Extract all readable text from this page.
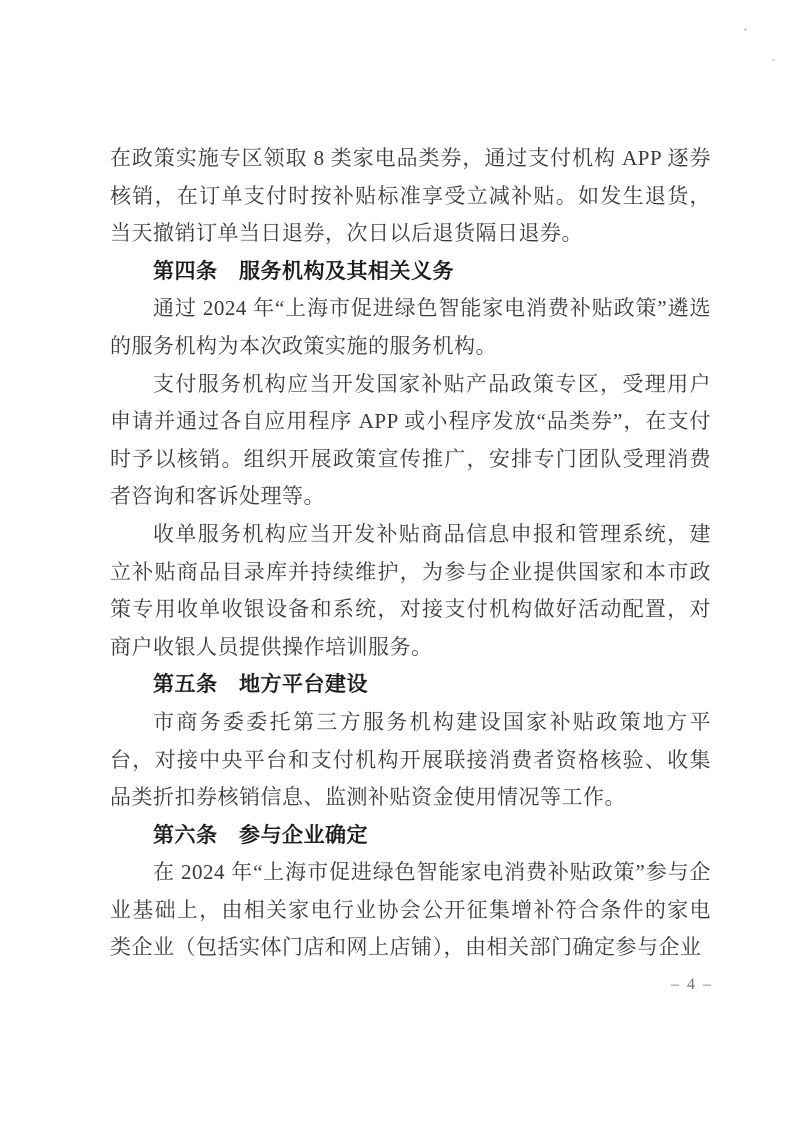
在政策实施专区领取 8 类家电品类券，通过支付机构 APP 逐券核销，在订单支付时按补贴标准享受立减补贴。如发生退货，当天撤销订单当日退券，次日以后退货隔日退券。

第四条　服务机构及其相关义务

通过 2024 年“上海市促进绿色智能家电消费补贴政策”遴选的服务机构为本次政策实施的服务机构。

支付服务机构应当开发国家补贴产品政策专区，受理用户申请并通过各自应用程序 APP 或小程序发放“品类券”，在支付时予以核销。组织开展政策宣传推广，安排专门团队受理消费者咨询和客诉处理等。

收单服务机构应当开发补贴商品信息申报和管理系统，建立补贴商品目录库并持续维护，为参与企业提供国家和本市政策专用收单收银设备和系统，对接支付机构做好活动配置，对商户收银人员提供操作培训服务。

第五条　地方平台建设

市商务委委托第三方服务机构建设国家补贴政策地方平台，对接中央平台和支付机构开展联接消费者资格核验、收集品类折扣券核销信息、监测补贴资金使用情况等工作。

第六条　参与企业确定

在 2024 年“上海市促进绿色智能家电消费补贴政策”参与企业基础上，由相关家电行业协会公开征集增补符合条件的家电类企业（包括实体门店和网上店铺），由相关部门确定参与企业

– 4 –
